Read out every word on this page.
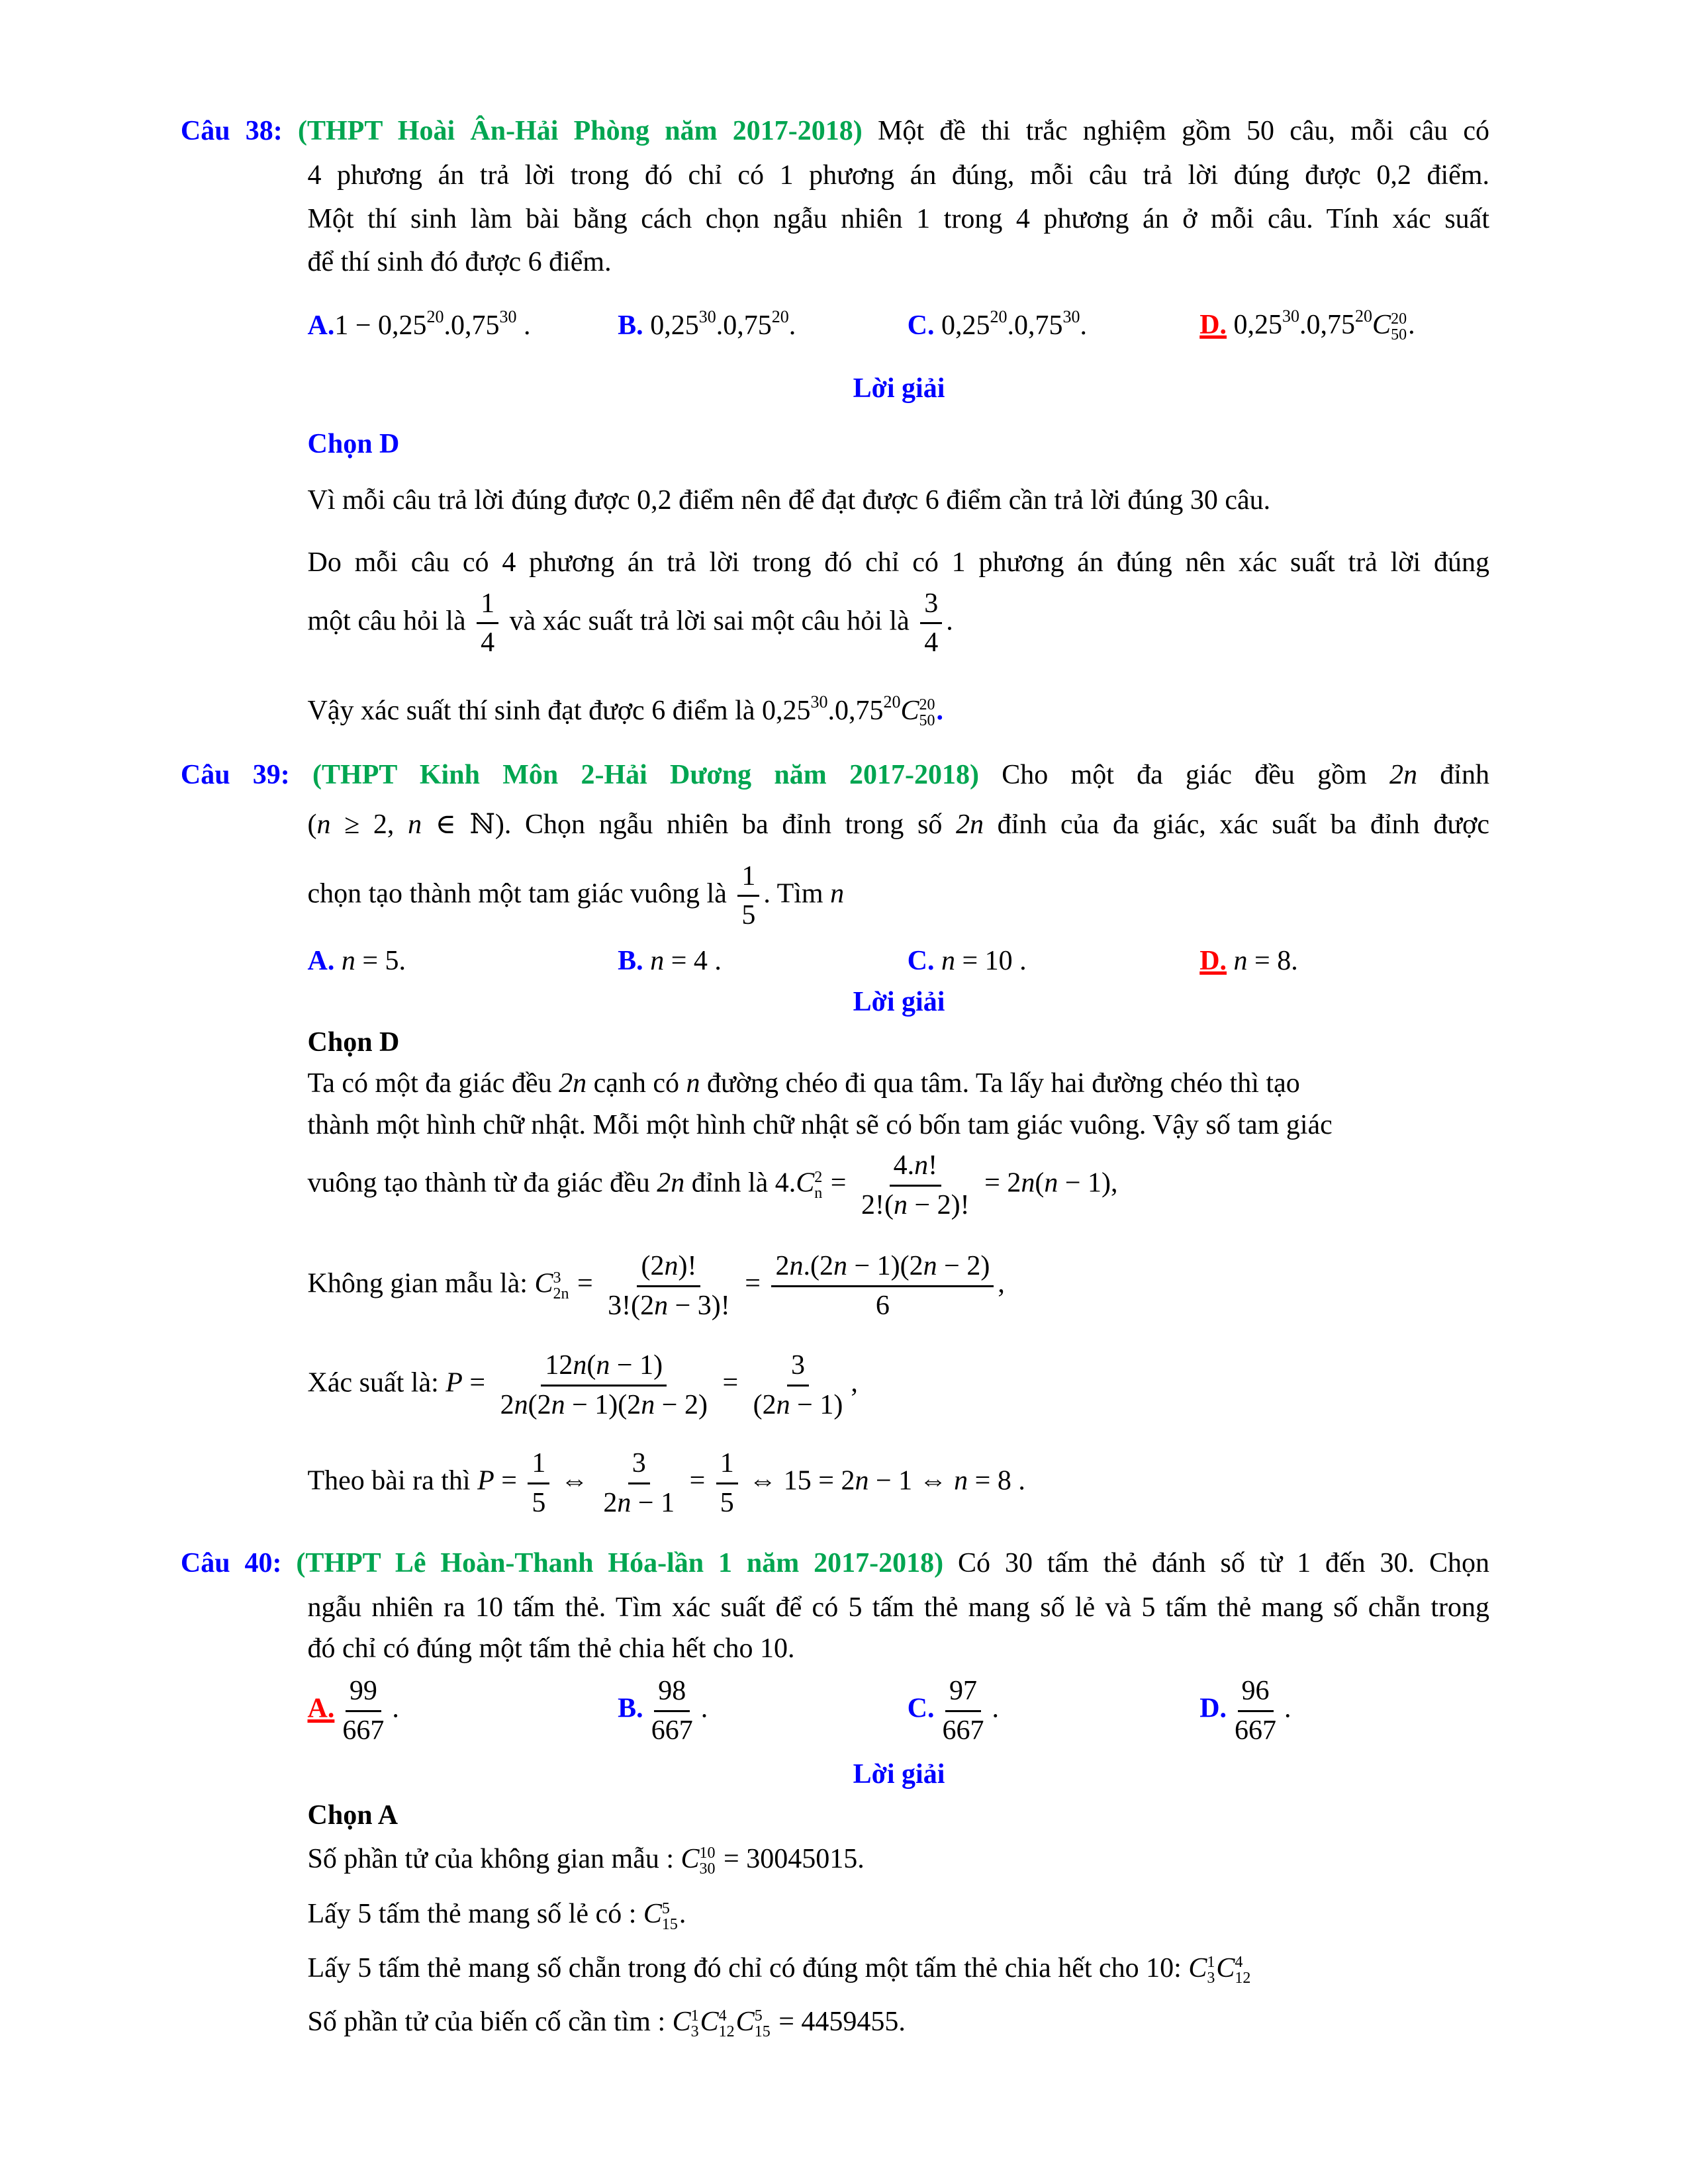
Câu 38: (THPT Hoài Ân-Hải Phòng năm 2017-2018) Một đề thi trắc nghiệm gồm 50 câu, mỗi câu có
4 phương án trả lời trong đó chỉ có 1 phương án đúng, mỗi câu trả lời đúng được 0,2 điểm.
Một thí sinh làm bài bằng cách chọn ngẫu nhiên 1 trong 4 phương án ở mỗi câu. Tính xác suất
để thí sinh đó được 6 điểm.
$A.1 - 0,25^{20}.0,75^{30}$ .	B. 0,25$^{30}$.0,75$^{20}$.	C. 0,25$^{20}$.0,75$^{30}$.	D. 0,25$^{30}$.0,75$^{20}$C 20
50 .
Lời giải
Chọn D
Vì mỗi câu trả lời đúng được 0,2 điểm nên để đạt được 6 điểm cần trả lời đúng 30 câu.
Do mỗi câu có 4 phương án trả lời trong đó chỉ có 1 phương án đúng nên xác suất trả lời đúng
một câu hỏi là $\frac{1}{4}$ và xác suất trả lời sai một câu hỏi là $\frac{3}{4}$ .
Vậy xác suất thí sinh đạt được 6 điểm là 0,25$^{30}$.0,75$^{20}$C 20
50 .
Câu 39: (THPT Kinh Môn 2-Hải Dương năm 2017-2018) Cho một đa giác đều gồm 2n đỉnh
(n ≥ 2, n ∈ ℕ). Chọn ngẫu nhiên ba đỉnh trong số 2n đỉnh của đa giác, xác suất ba đỉnh được
chọn tạo thành một tam giác vuông là $\frac{1}{5}$ . Tìm n
A. n = 5.	B. n = 4 .	C. n = 10 .	D. n = 8.
Lời giải
Chọn D
Ta có một đa giác đều 2n cạnh có n đường chéo đi qua tâm. Ta lấy hai đường chéo thì tạo
thành một hình chữ nhật. Mỗi một hình chữ nhật sẽ có bốn tam giác vuông. Vậy số tam giác
vuông tạo thành từ đa giác đều 2n đỉnh là 4.C 2
$n = \frac{4.n!}{2!(n - 2)!} = 2n(n - 1)$,
Không gian mẫu là: C 3
$2n = \frac{(2n)!}{3!(2n - 3)!} = \frac{2n.(2n - 1)(2n - 2)}{6}$ ,
Xác suất là: $P = \frac{12n(n - 1)}{2n(2n - 1)(2n - 2)} = \frac{3}{(2n - 1)}$ ,
Theo bài ra thì $P = \frac{1}{5}$ ⇔ $\frac{3}{2n - 1} = \frac{1}{5}$ ⇔ 15 = 2n − 1 ⇔ n = 8 .
Câu 40: (THPT Lê Hoàn-Thanh Hóa-lần 1 năm 2017-2018) Có 30 tấm thẻ đánh số từ 1 đến 30. Chọn
ngẫu nhiên ra 10 tấm thẻ. Tìm xác suất để có 5 tấm thẻ mang số lẻ và 5 tấm thẻ mang số chẵn trong
đó chỉ có đúng một tấm thẻ chia hết cho 10.
A. $\frac{99}{667}$ .	B. $\frac{98}{667}$ .	C. $\frac{97}{667}$ .	D. $\frac{96}{667}$ .
Lời giải
Chọn A
Số phần tử của không gian mẫu : C 10
30 = 30045015.
Lấy 5 tấm thẻ mang số lẻ có : C 5
15 .
Lấy 5 tấm thẻ mang số chẵn trong đó chỉ có đúng một tấm thẻ chia hết cho 10: C 1
3 C 4
12
Số phần tử của biến cố cần tìm : C 1
3 C 4
12 C 5
15 = 4459455.
